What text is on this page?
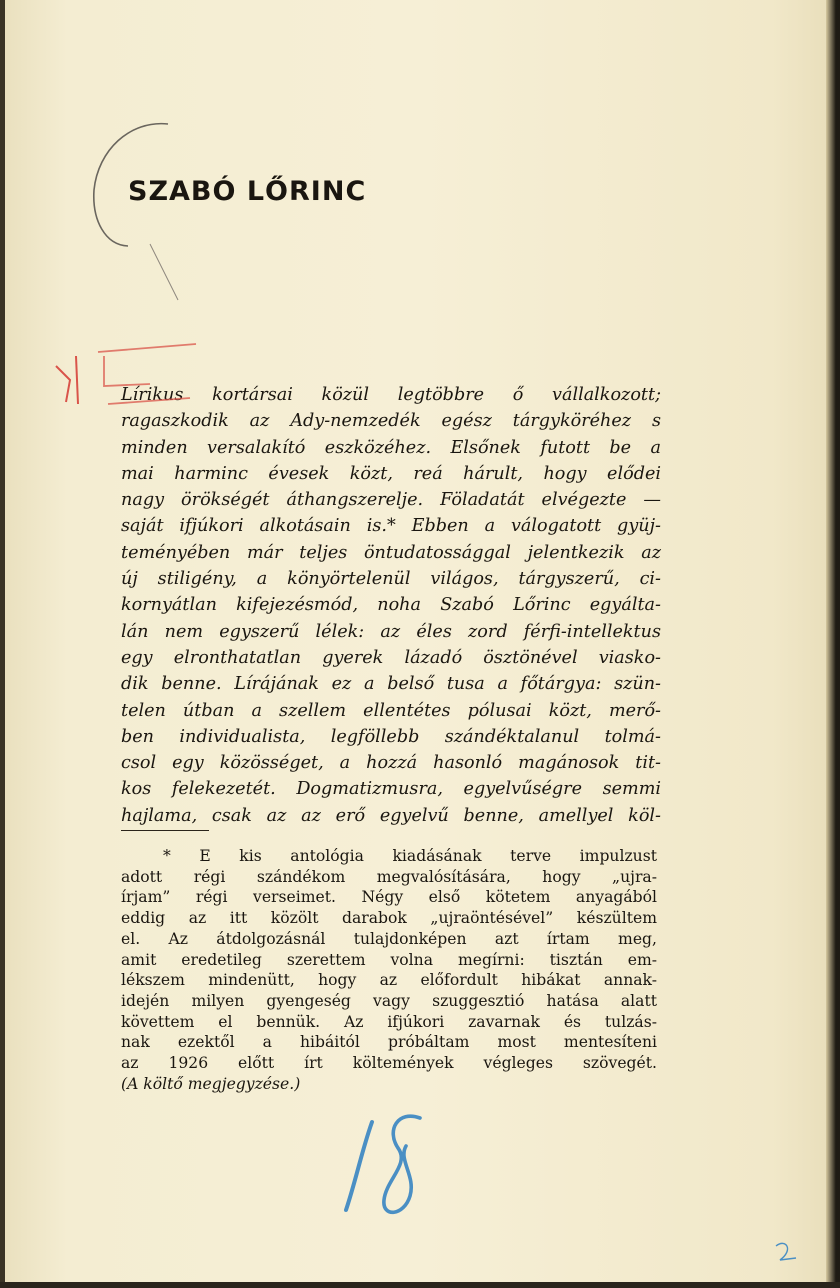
SZABÓ LŐRINC
Lírikus kortársai közül legtöbbre ő vállalkozott;
ragaszkodik az Ady-nemzedék egész tárgyköréhez s
minden versalakító eszközéhez. Elsőnek futott be a
mai harminc évesek közt, reá hárult, hogy elődei
nagy örökségét áthangszerelje. Föladatát elvégezte —
saját ifjúkori alkotásain is.* Ebben a válogatott gyüj-
teményében már teljes öntudatossággal jelentkezik az
új stiligény, a könyörtelenül világos, tárgyszerű, ci-
kornyátlan kifejezésmód, noha Szabó Lőrinc egyálta-
lán nem egyszerű lélek: az éles zord férfi-intellektus
egy elronthatatlan gyerek lázadó ösztönével viasko-
dik benne. Lírájának ez a belső tusa a főtárgya: szün-
telen útban a szellem ellentétes pólusai közt, merő-
ben individualista, legföllebb szándéktalanul tolmá-
csol egy közösséget, a hozzá hasonló magánosok tit-
kos felekezetét. Dogmatizmusra, egyelvűségre semmi
hajlama, csak az az erő egyelvű benne, amellyel köl-
* E kis antológia kiadásának terve impulzust
adott régi szándékom megvalósítására, hogy „ujra-
írjam” régi verseimet. Négy első kötetem anyagából
eddig az itt közölt darabok „ujraöntésével” készültem
el. Az átdolgozásnál tulajdonképen azt írtam meg,
amit eredetileg szerettem volna megírni: tisztán em-
lékszem mindenütt, hogy az előfordult hibákat annak-
idején milyen gyengeség vagy szuggesztió hatása alatt
követtem el bennük. Az ifjúkori zavarnak és tulzás-
nak ezektől a hibáitól próbáltam most mentesíteni
az 1926 előtt írt költemények végleges szövegét.
(A költő megjegyzése.)
